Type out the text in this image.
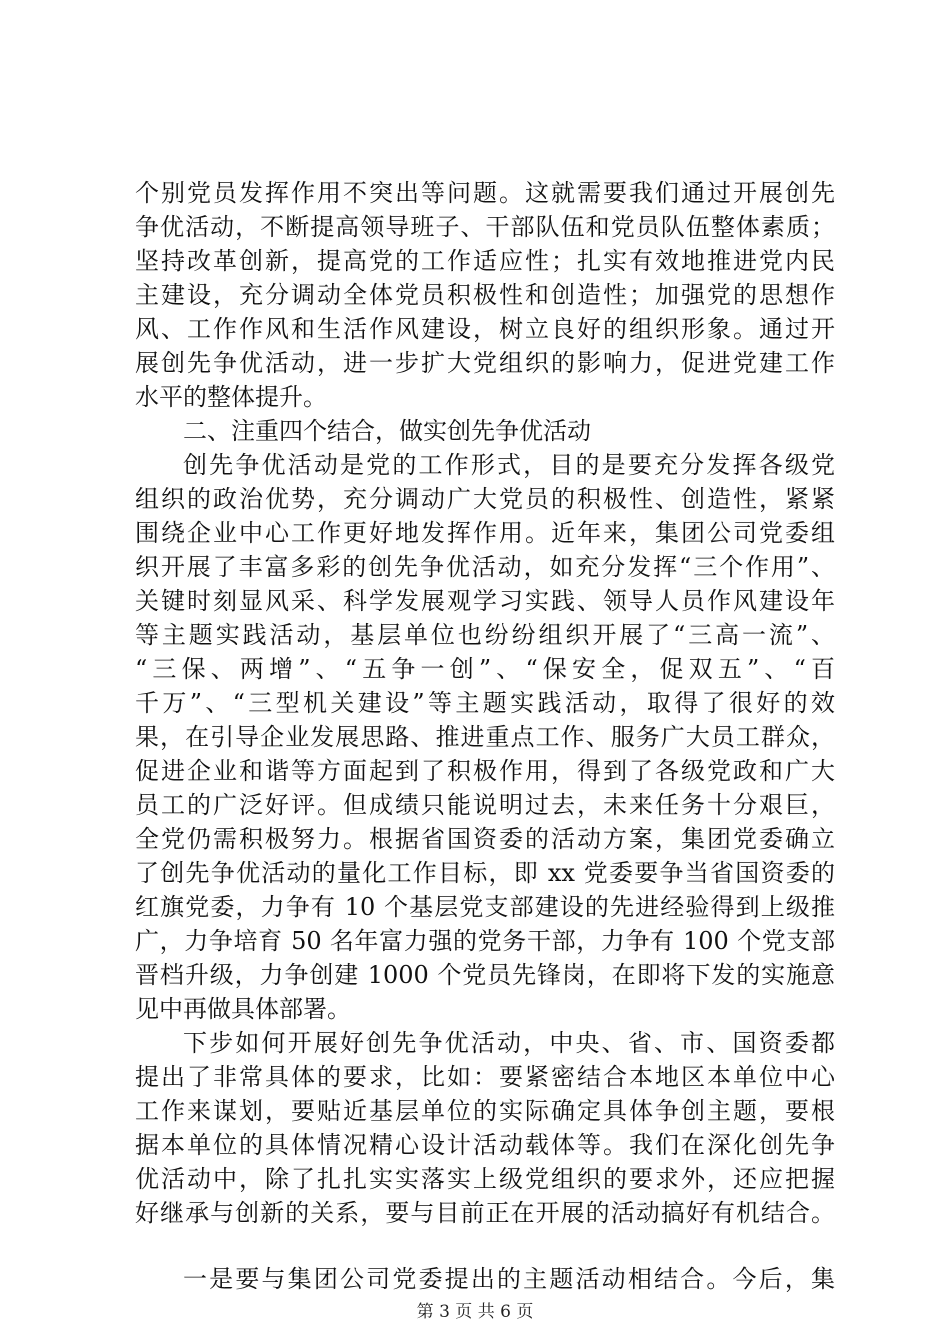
个别党员发挥作用不突出等问题。这就需要我们通过开展创先
争优活动，不断提高领导班子、干部队伍和党员队伍整体素质；
坚持改革创新，提高党的工作适应性；扎实有效地推进党内民
主建设，充分调动全体党员积极性和创造性；加强党的思想作
风、工作作风和生活作风建设，树立良好的组织形象。通过开
展创先争优活动，进一步扩大党组织的影响力，促进党建工作
水平的整体提升。
二、注重四个结合，做实创先争优活动
创先争优活动是党的工作形式，目的是要充分发挥各级党
组织的政治优势，充分调动广大党员的积极性、创造性，紧紧
围绕企业中心工作更好地发挥作用。近年来，集团公司党委组
织开展了丰富多彩的创先争优活动，如充分发挥“三个作用”、
关键时刻显风采、科学发展观学习实践、领导人员作风建设年
等主题实践活动，基层单位也纷纷组织开展了“三高一流”、
“三保、两增”、“五争一创”、“保安全，促双五”、“百
千万”、“三型机关建设”等主题实践活动，取得了很好的效
果，在引导企业发展思路、推进重点工作、服务广大员工群众，
促进企业和谐等方面起到了积极作用，得到了各级党政和广大
员工的广泛好评。但成绩只能说明过去，未来任务十分艰巨，
全党仍需积极努力。根据省国资委的活动方案，集团党委确立
了创先争优活动的量化工作目标，即 xx 党委要争当省国资委的
红旗党委，力争有 10 个基层党支部建设的先进经验得到上级推
广，力争培育 50 名年富力强的党务干部，力争有 100 个党支部
晋档升级，力争创建 1000 个党员先锋岗，在即将下发的实施意
见中再做具体部署。
下步如何开展好创先争优活动，中央、省、市、国资委都
提出了非常具体的要求，比如：要紧密结合本地区本单位中心
工作来谋划，要贴近基层单位的实际确定具体争创主题，要根
据本单位的具体情况精心设计活动载体等。我们在深化创先争
优活动中，除了扎扎实实落实上级党组织的要求外，还应把握
好继承与创新的关系，要与目前正在开展的活动搞好有机结合。
第 3 页 共 6 页
一是要与集团公司党委提出的主题活动相结合。今后，集
